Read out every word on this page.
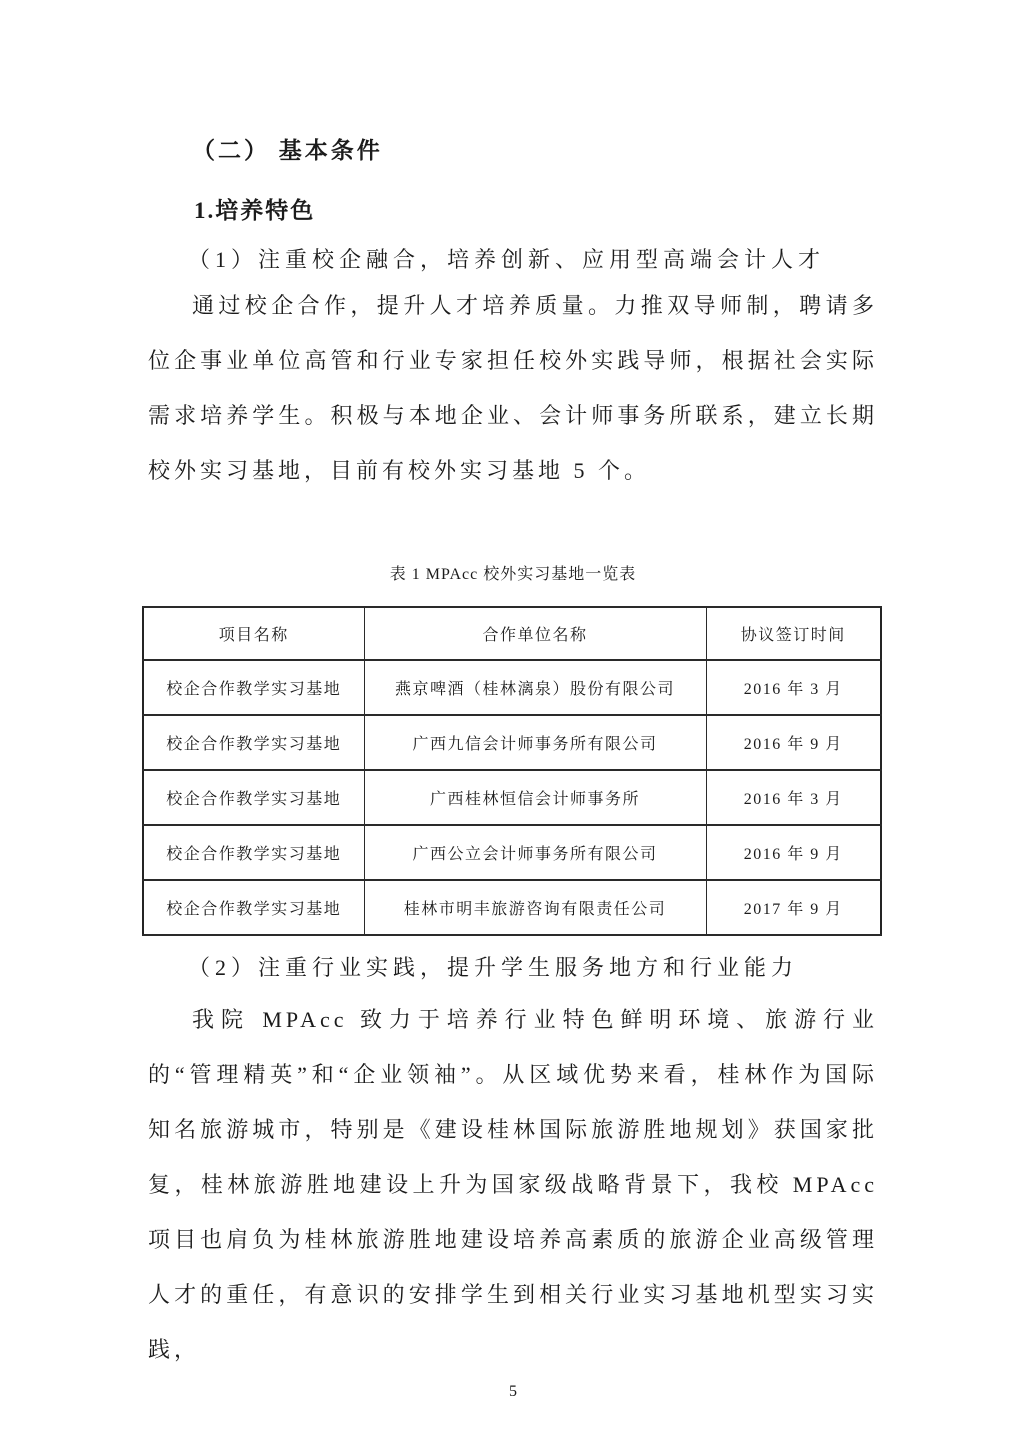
（二） 基本条件

1.培养特色

（1）注重校企融合，培养创新、应用型高端会计人才

通过校企合作，提升人才培养质量。力推双导师制，聘请多位企事业单位高管和行业专家担任校外实践导师，根据社会实际需求培养学生。积极与本地企业、会计师事务所联系，建立长期校外实习基地，目前有校外实习基地 5 个。

表 1 MPAcc 校外实习基地一览表

项目名称	合作单位名称	协议签订时间
校企合作教学实习基地	燕京啤酒（桂林漓泉）股份有限公司	2016 年 3 月
校企合作教学实习基地	广西九信会计师事务所有限公司	2016 年 9 月
校企合作教学实习基地	广西桂林恒信会计师事务所	2016 年 3 月
校企合作教学实习基地	广西公立会计师事务所有限公司	2016 年 9 月
校企合作教学实习基地	桂林市明丰旅游咨询有限责任公司	2017 年 9 月

（2）注重行业实践，提升学生服务地方和行业能力

我院 MPAcc 致力于培养行业特色鲜明环境、旅游行业的“管理精英”和“企业领袖”。从区域优势来看，桂林作为国际知名旅游城市，特别是《建设桂林国际旅游胜地规划》获国家批复，桂林旅游胜地建设上升为国家级战略背景下，我校 MPAcc 项目也肩负为桂林旅游胜地建设培养高素质的旅游企业高级管理人才的重任，有意识的安排学生到相关行业实习基地机型实习实践，

5
